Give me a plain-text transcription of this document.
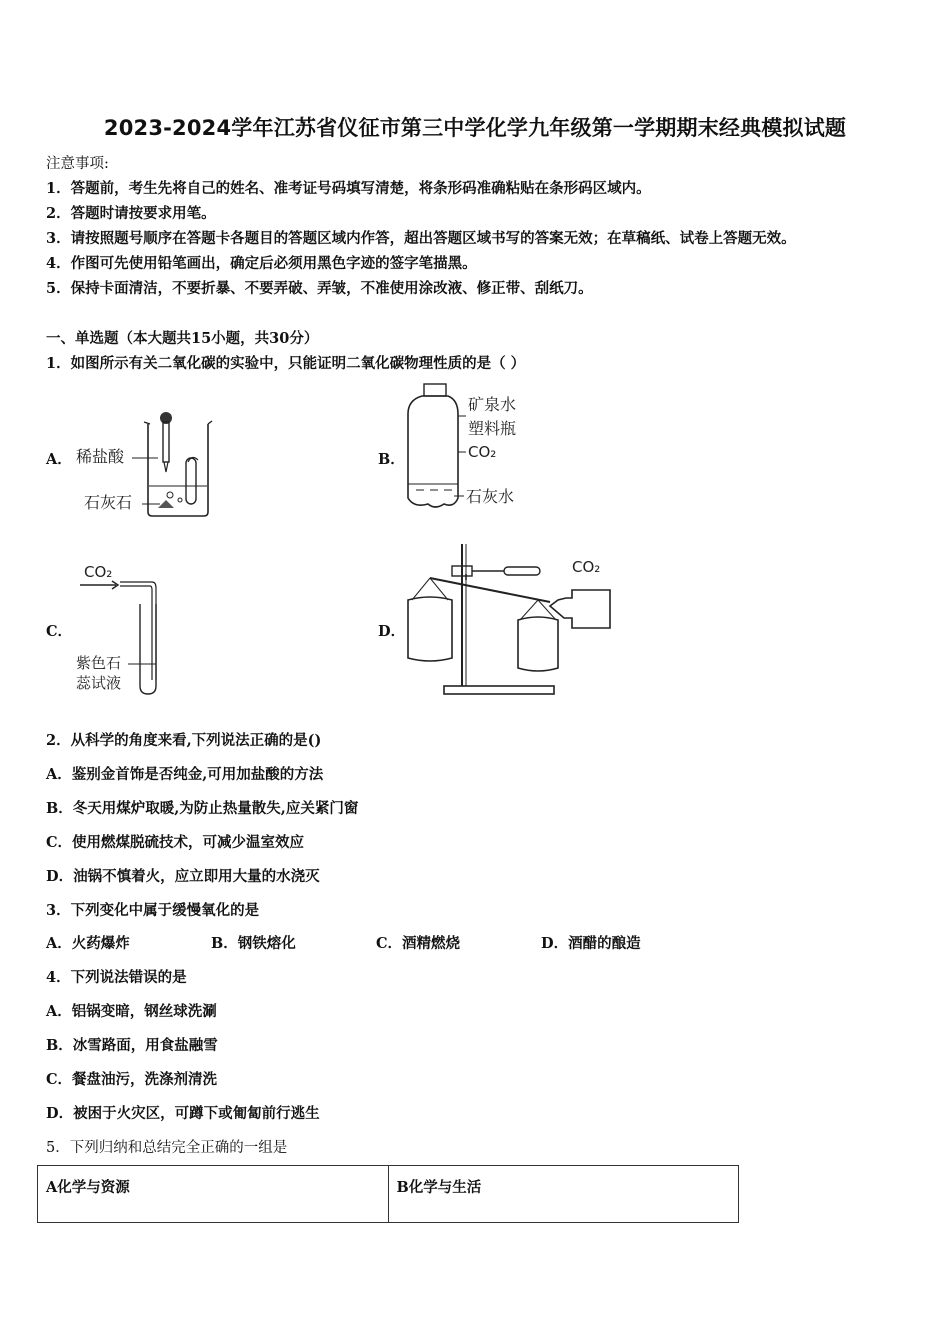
2023-2024学年江苏省仪征市第三中学化学九年级第一学期期末经典模拟试题
注意事项:
1．答题前，考生先将自己的姓名、准考证号码填写清楚，将条形码准确粘贴在条形码区域内。
2．答题时请按要求用笔。
3．请按照题号顺序在答题卡各题目的答题区域内作答，超出答题区域书写的答案无效；在草稿纸、试卷上答题无效。
4．作图可先使用铅笔画出，确定后必须用黑色字迹的签字笔描黑。
5．保持卡面清洁，不要折暴、不要弄破、弄皱，不准使用涂改液、修正带、刮纸刀。
一、单选题（本大题共15小题，共30分）
1．如图所示有关二氧化碳的实验中，只能证明二氧化碳物理性质的是（ ）
A． 稀盐酸
石灰石
B．
矿泉水
塑料瓶
CO₂
石灰水
C．
CO₂
紫色石
蕊试液
D．
CO₂
2．从科学的角度来看,下列说法正确的是()
A．鉴别金首饰是否纯金,可用加盐酸的方法
B．冬天用煤炉取暖,为防止热量散失,应关紧门窗
C．使用燃煤脱硫技术，可减少温室效应
D．油锅不慎着火，应立即用大量的水浇灭
3．下列变化中属于缓慢氧化的是
A．火药爆炸	B．钢铁熔化	C．酒精燃烧	D．酒醋的酿造
4．下列说法错误的是
A．铝锅变暗，钢丝球洗涮
B．冰雪路面，用食盐融雪
C．餐盘油污，洗涤剂清洗
D．被困于火灾区，可蹲下或匍匐前行逃生
5．下列归纳和总结完全正确的一组是
A化学与资源	B化学与生活
